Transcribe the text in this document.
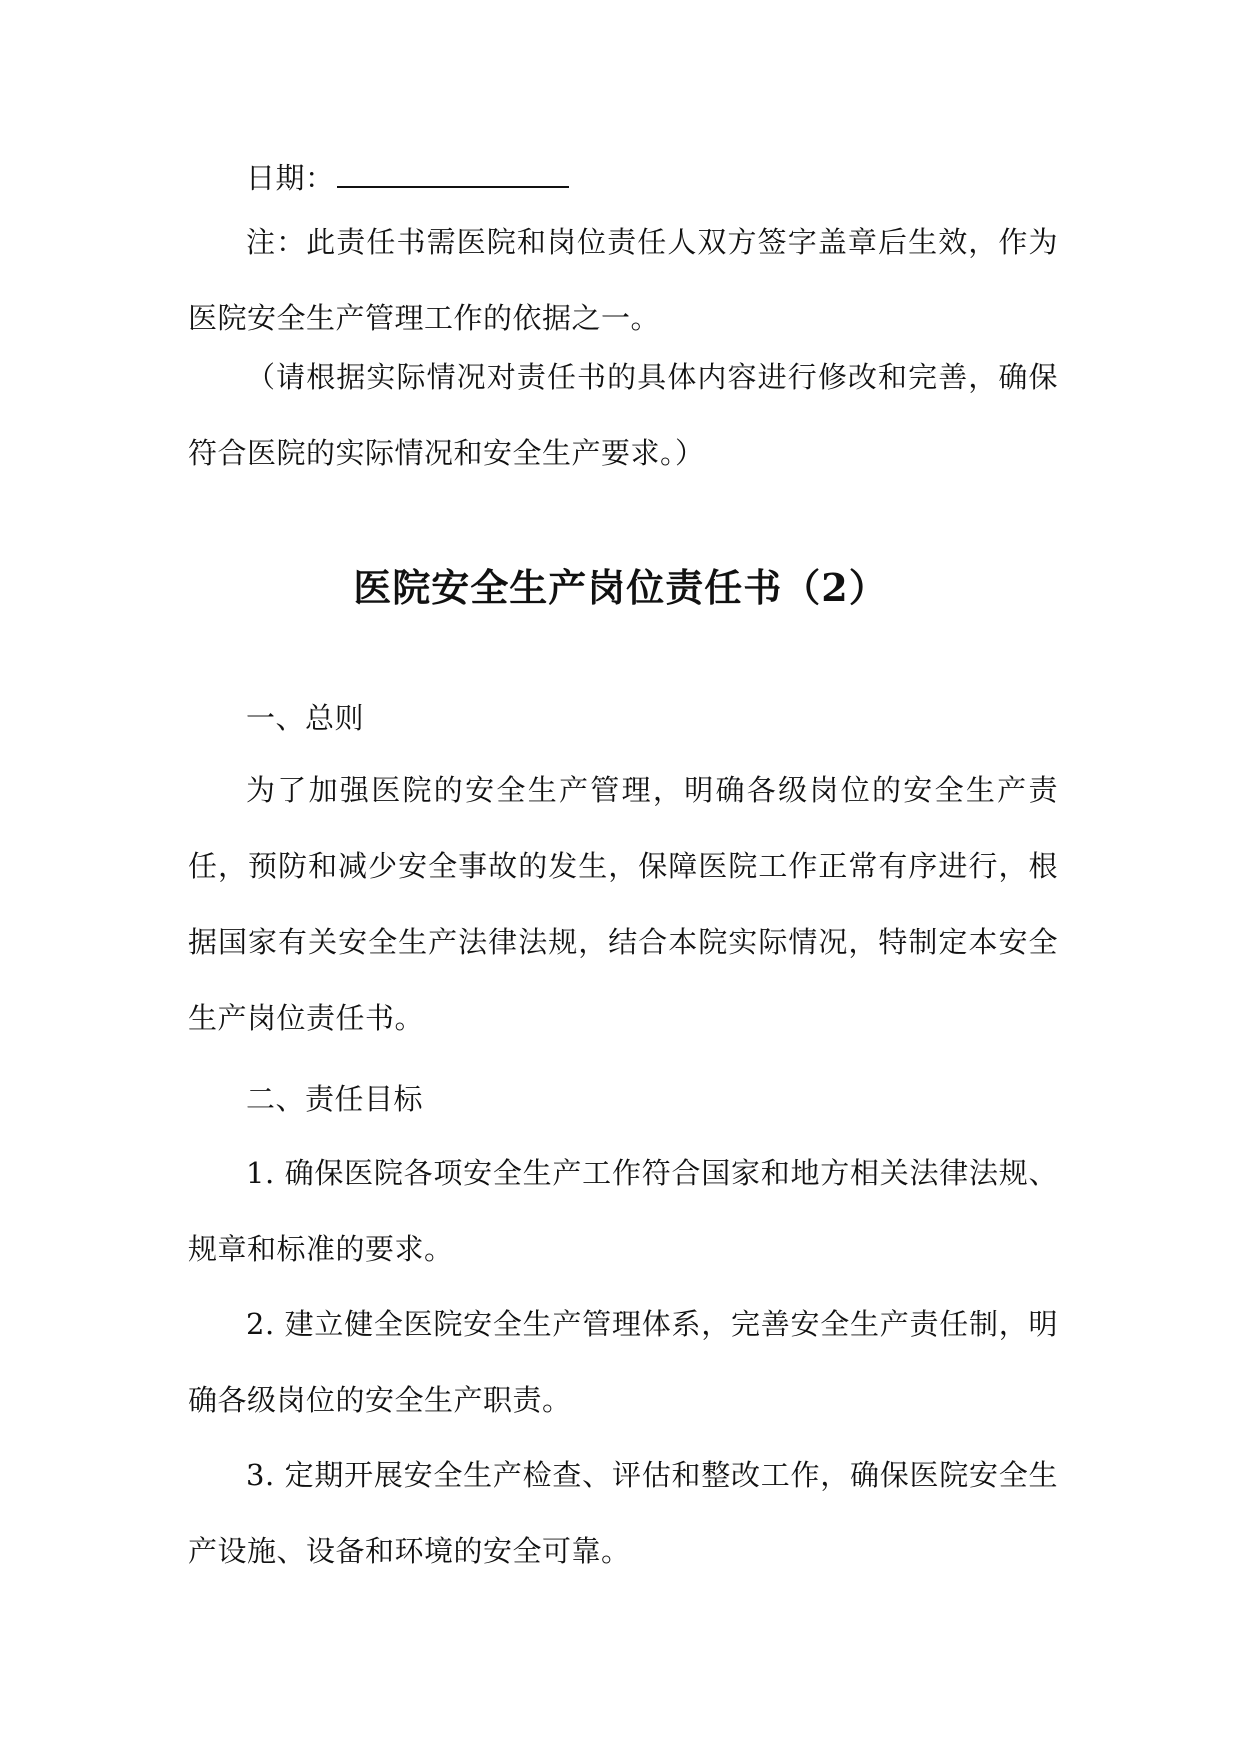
日期：

注：此责任书需医院和岗位责任人双方签字盖章后生效，作为医院安全生产管理工作的依据之一。

（请根据实际情况对责任书的具体内容进行修改和完善，确保符合医院的实际情况和安全生产要求。）

医院安全生产岗位责任书（2）

一、总则

为了加强医院的安全生产管理，明确各级岗位的安全生产责任，预防和减少安全事故的发生，保障医院工作正常有序进行，根据国家有关安全生产法律法规，结合本院实际情况，特制定本安全生产岗位责任书。

二、责任目标

1. 确保医院各项安全生产工作符合国家和地方相关法律法规、规章和标准的要求。

2. 建立健全医院安全生产管理体系，完善安全生产责任制，明确各级岗位的安全生产职责。

3. 定期开展安全生产检查、评估和整改工作，确保医院安全生产设施、设备和环境的安全可靠。
